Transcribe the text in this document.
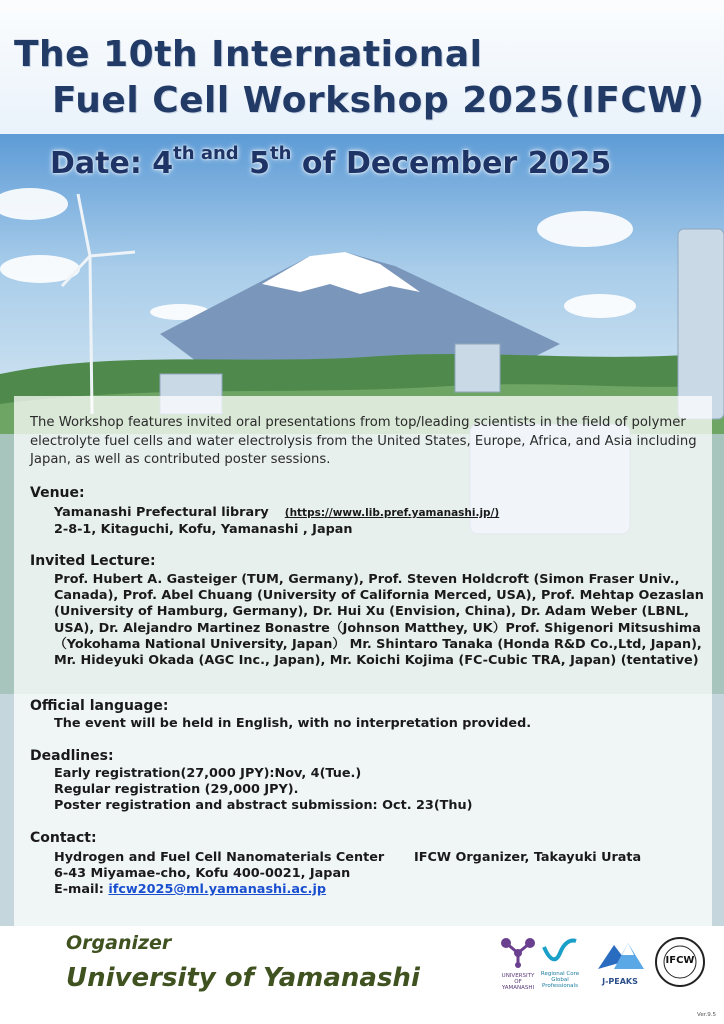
The 10th International
Fuel Cell Workshop 2025(IFCW)
Date: $4^{th and}$ 5th of December 2025
The Workshop features invited oral presentations from top/leading scientists in the field of polymer electrolyte fuel cells and water electrolysis from the United States, Europe, Africa, and Asia including Japan, as well as contributed poster sessions.
Venue:
Yamanashi Prefectural library (https://www.lib.pref.yamanashi.jp/)
2-8-1, Kitaguchi, Kofu, Yamanashi , Japan
Invited Lecture:
Prof. Hubert A. Gasteiger (TUM, Germany), Prof. Steven Holdcroft (Simon Fraser Univ., Canada), Prof. Abel Chuang (University of California Merced, USA), Prof. Mehtap Oezaslan (University of Hamburg, Germany), Dr. Hui Xu (Envision, China), Dr. Adam Weber (LBNL, USA), Dr. Alejandro Martinez Bonastre（Johnson Matthey, UK）Prof. Shigenori Mitsushima（Yokohama National University, Japan） Mr. Shintaro Tanaka (Honda R&D Co.,Ltd, Japan), Mr. Hideyuki Okada (AGC Inc., Japan), Mr. Koichi Kojima (FC-Cubic TRA, Japan) (tentative)
Official language:
The event will be held in English, with no interpretation provided.
Deadlines:
Early registration(27,000 JPY):Nov, 4(Tue.)
Regular registration (29,000 JPY).
Poster registration and abstract submission: Oct. 23(Thu)
Contact:
Hydrogen and Fuel Cell Nanomaterials Center IFCW Organizer, Takayuki Urata
6-43 Miyamae-cho, Kofu 400-0021, Japan
E-mail: ifcw2025@ml.yamanashi.ac.jp
Organizer
University of Yamanashi	UNIVERSITY OF YAMANASHI
Regional Core Global Professionals	J-PEAKS
IFCW
Ver.9.5
